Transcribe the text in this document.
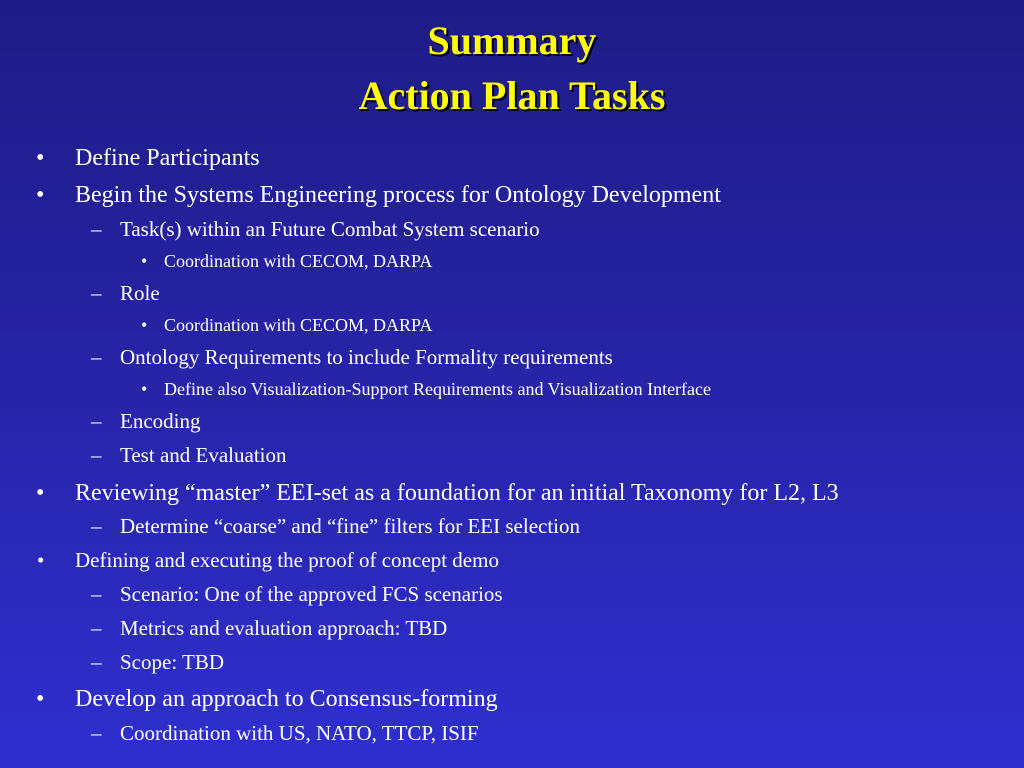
Summary
Action Plan Tasks
• Define Participants
• Begin the Systems Engineering process for Ontology Development
– Task(s) within an Future Combat System scenario
• Coordination with CECOM, DARPA
– Role
• Coordination with CECOM, DARPA
– Ontology Requirements to include Formality requirements
• Define also Visualization-Support Requirements and Visualization Interface
– Encoding
– Test and Evaluation
• Reviewing “master” EEI-set as a foundation for an initial Taxonomy for L2, L3
– Determine “coarse” and “fine” filters for EEI selection
• Defining and executing the proof of concept demo
– Scenario: One of the approved FCS scenarios
– Metrics and evaluation approach: TBD
– Scope: TBD
• Develop an approach to Consensus-forming
– Coordination with US, NATO, TTCP, ISIF
